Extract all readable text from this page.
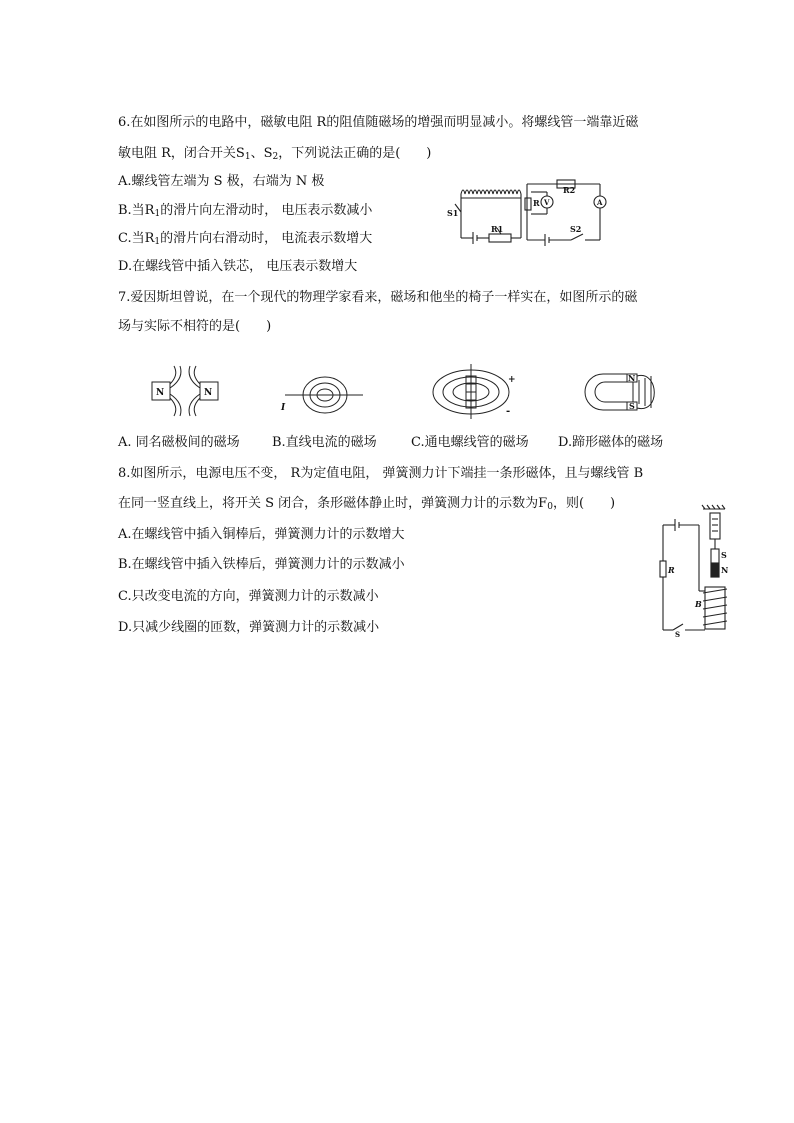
6.在如图所示的电路中，磁敏电阻 R的阻值随磁场的增强而明显减小。将螺线管一端靠近磁
敏电阻 R，闭合开关$S_1$、$S_2$，下列说法正确的是(　　)
A.螺线管左端为 S 极，右端为 N 极
B.当$R_1$的滑片向左滑动时， 电压表示数减小
C.当$R_1$的滑片向右滑动时， 电流表示数增大
D.在螺线管中插入铁芯， 电压表示数增大
S1
R1
R V
R2
A
S2
7.爱因斯坦曾说，在一个现代的物理学家看来，磁场和他坐的椅子一样实在，如图所示的磁
场与实际不相符的是(　　)
N	N
I
+
-
N
S
A. 同名磁极间的磁场 B.直线电流的磁场	C.通电螺线管的磁场 D.蹄形磁体的磁场
8.如图所示，电源电压不变， R为定值电阻， 弹簧测力计下端挂一条形磁体，且与螺线管 B
在同一竖直线上，将开关 S 闭合，条形磁体静止时，弹簧测力计的示数为$F_0$，则(　　)
A.在螺线管中插入铜棒后，弹簧测力计的示数增大
B.在螺线管中插入铁棒后，弹簧测力计的示数减小
C.只改变电流的方向，弹簧测力计的示数减小
D.只减少线圈的匝数，弹簧测力计的示数减小
R
S
N
B
S
